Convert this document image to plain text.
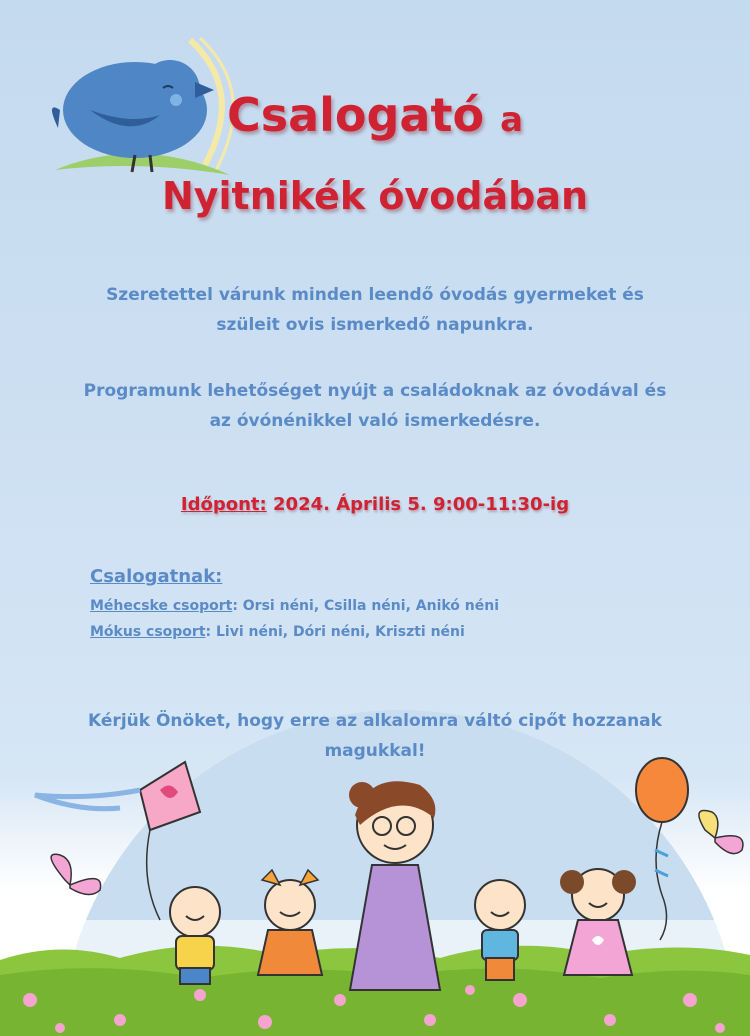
Csalogató a
Nyitnikék óvodában
Szeretettel várunk minden leendő óvodás gyermeket és
szüleit ovis ismerkedő napunkra.
Programunk lehetőséget nyújt a családoknak az óvodával és
az óvónénikkel való ismerkedésre.
Időpont: 2024. Április 5. 9:00-11:30-ig
Csalogatnak:
Méhecske csoport: Orsi néni, Csilla néni, Anikó néni
Mókus csoport: Livi néni, Dóri néni, Kriszti néni
Kérjük Önöket, hogy erre az alkalomra váltó cipőt hozzanak
magukkal!
